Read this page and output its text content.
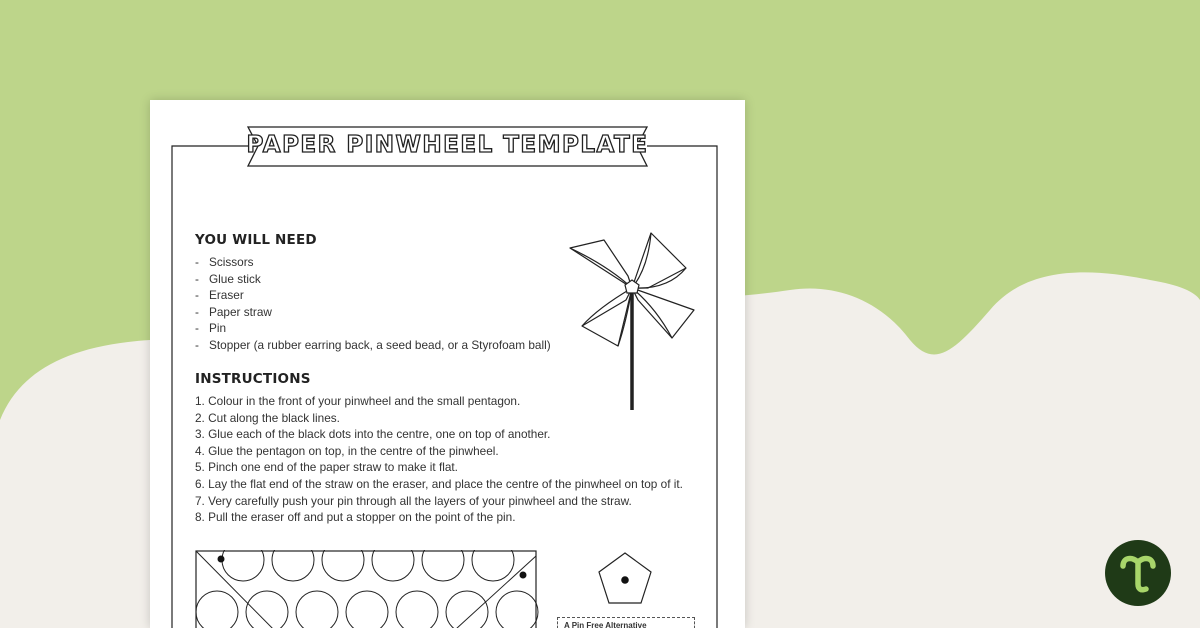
PAPER PINWHEEL TEMPLATE
YOU WILL NEED
- Scissors
- Glue stick
- Eraser
- Paper straw
- Pin
- Stopper (a rubber earring back, a seed bead, or a Styrofoam ball)
INSTRUCTIONS
1. Colour in the front of your pinwheel and the small pentagon.
2. Cut along the black lines.
3. Glue each of the black dots into the centre, one on top of another.
4. Glue the pentagon on top, in the centre of the pinwheel.
5. Pinch one end of the paper straw to make it flat.
6. Lay the flat end of the straw on the eraser, and place the centre of the pinwheel on top of it.
7. Very carefully push your pin through all the layers of your pinwheel and the straw.
8. Pull the eraser off and put a stopper on the point of the pin.
A Pin Free Alternative
